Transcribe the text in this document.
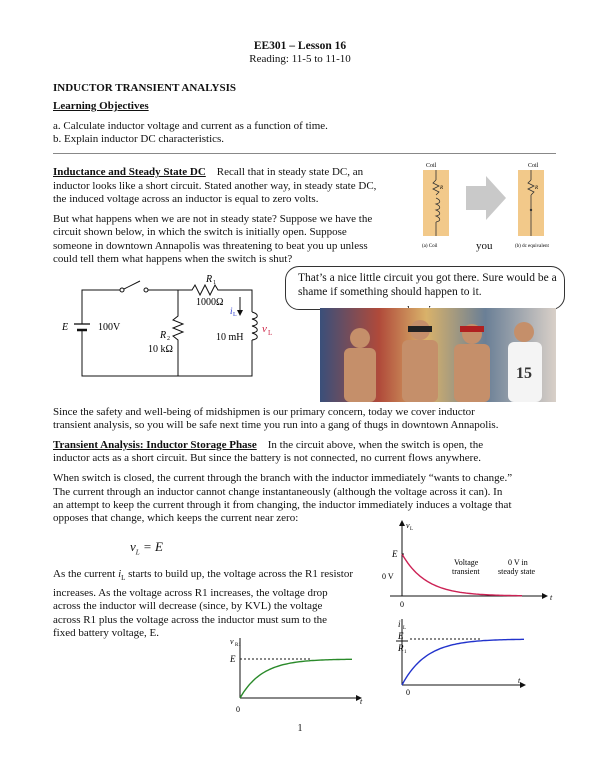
EE301 – Lesson 16
Reading: 11-5 to 11-10
INDUCTOR TRANSIENT ANALYSIS
Learning Objectives
a. Calculate inductor voltage and current as a function of time.
b. Explain inductor DC characteristics.
Inductance and Steady State DC Recall that in steady state DC, an
inductor looks like a short circuit. Stated another way, in steady state DC,
the induced voltage across an inductor is equal to zero volts.
But what happens when we are not in steady state? Suppose we have the
circuit shown below, in which the switch is initially open. Suppose
someone in downtown Annapolis was threatening to beat you up unless	you
could tell them what happens when the switch is shut?
Coil
R
(a) Coil
Coil
R
(b) dc equivalent
E	100V
R 1
1000Ω
R 2
10 kΩ
10 mH
i L
v L
That’s a nice little circuit you got there. Sure would be a shame if something should happen to it.
15
Since the safety and well-being of midshipmen is our primary concern, today we cover inductor
transient analysis, so you will be safe next time you run into a gang of thugs in downtown Annapolis.
Transient Analysis: Inductor Storage Phase In the circuit above, when the switch is open, the
inductor acts as a short circuit. But since the battery is not connected, no current flows anywhere.
When switch is closed, the current through the branch with the inductor immediately “wants to change.”
The current through an inductor cannot change instantaneously (although the voltage across it can). In
an attempt to keep the current through it from changing, the inductor immediately induces a voltage that
opposes that change, which keeps the current near zero:
$v_L = E$
As the current $i_L$ starts to build up, the voltage across the R1 resistor
increases. As the voltage across R1 increases, the voltage drop
across the inductor will decrease (since, by KVL) the voltage
across R1 plus the voltage across the inductor must sum to the
fixed battery voltage, E.
v L
E
0 V
0
t
Voltage
transient
0 V in
steady state
i L
E
R 1
0
t
v R1
E
0
t
1
